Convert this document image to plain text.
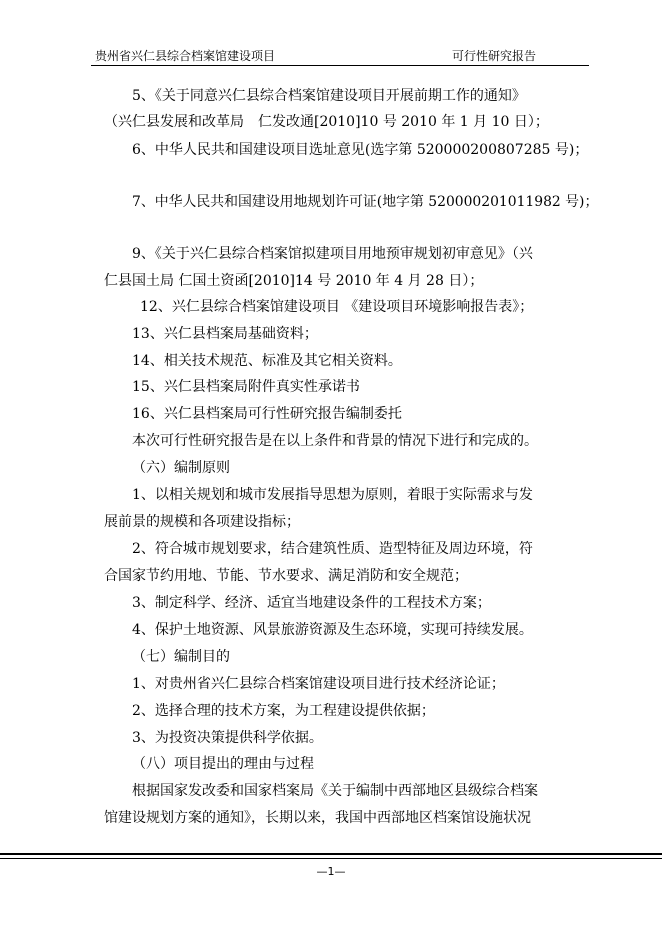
贵州省兴仁县综合档案馆建设项目	可行性研究报告
5、《关于同意兴仁县综合档案馆建设项目开展前期工作的通知》
（兴仁县发展和改革局　仁发改通[2010]10 号 2010 年 1 月 10 日）；
6、中华人民共和国建设项目选址意见(选字第 520000200807285 号)；
7、中华人民共和国建设用地规划许可证(地字第 520000201011982 号)；
9、《关于兴仁县综合档案馆拟建项目用地预审规划初审意见》（兴
仁县国土局 仁国土资函[2010]14 号 2010 年 4 月 28 日）；
12、兴仁县综合档案馆建设项目 《建设项目环境影响报告表》；
13、兴仁县档案局基础资料；
14、相关技术规范、标准及其它相关资料。
15、兴仁县档案局附件真实性承诺书
16、兴仁县档案局可行性研究报告编制委托
本次可行性研究报告是在以上条件和背景的情况下进行和完成的。
（六）编制原则
1、以相关规划和城市发展指导思想为原则，着眼于实际需求与发
展前景的规模和各项建设指标；
2、符合城市规划要求，结合建筑性质、造型特征及周边环境，符
合国家节约用地、节能、节水要求、满足消防和安全规范；
3、制定科学、经济、适宜当地建设条件的工程技术方案；
4、保护土地资源、风景旅游资源及生态环境，实现可持续发展。
（七）编制目的
1、对贵州省兴仁县综合档案馆建设项目进行技术经济论证；
2、选择合理的技术方案，为工程建设提供依据；
3、为投资决策提供科学依据。
（八）项目提出的理由与过程
根据国家发改委和国家档案局《关于编制中西部地区县级综合档案
馆建设规划方案的通知》，长期以来，我国中西部地区档案馆设施状况
—1—
